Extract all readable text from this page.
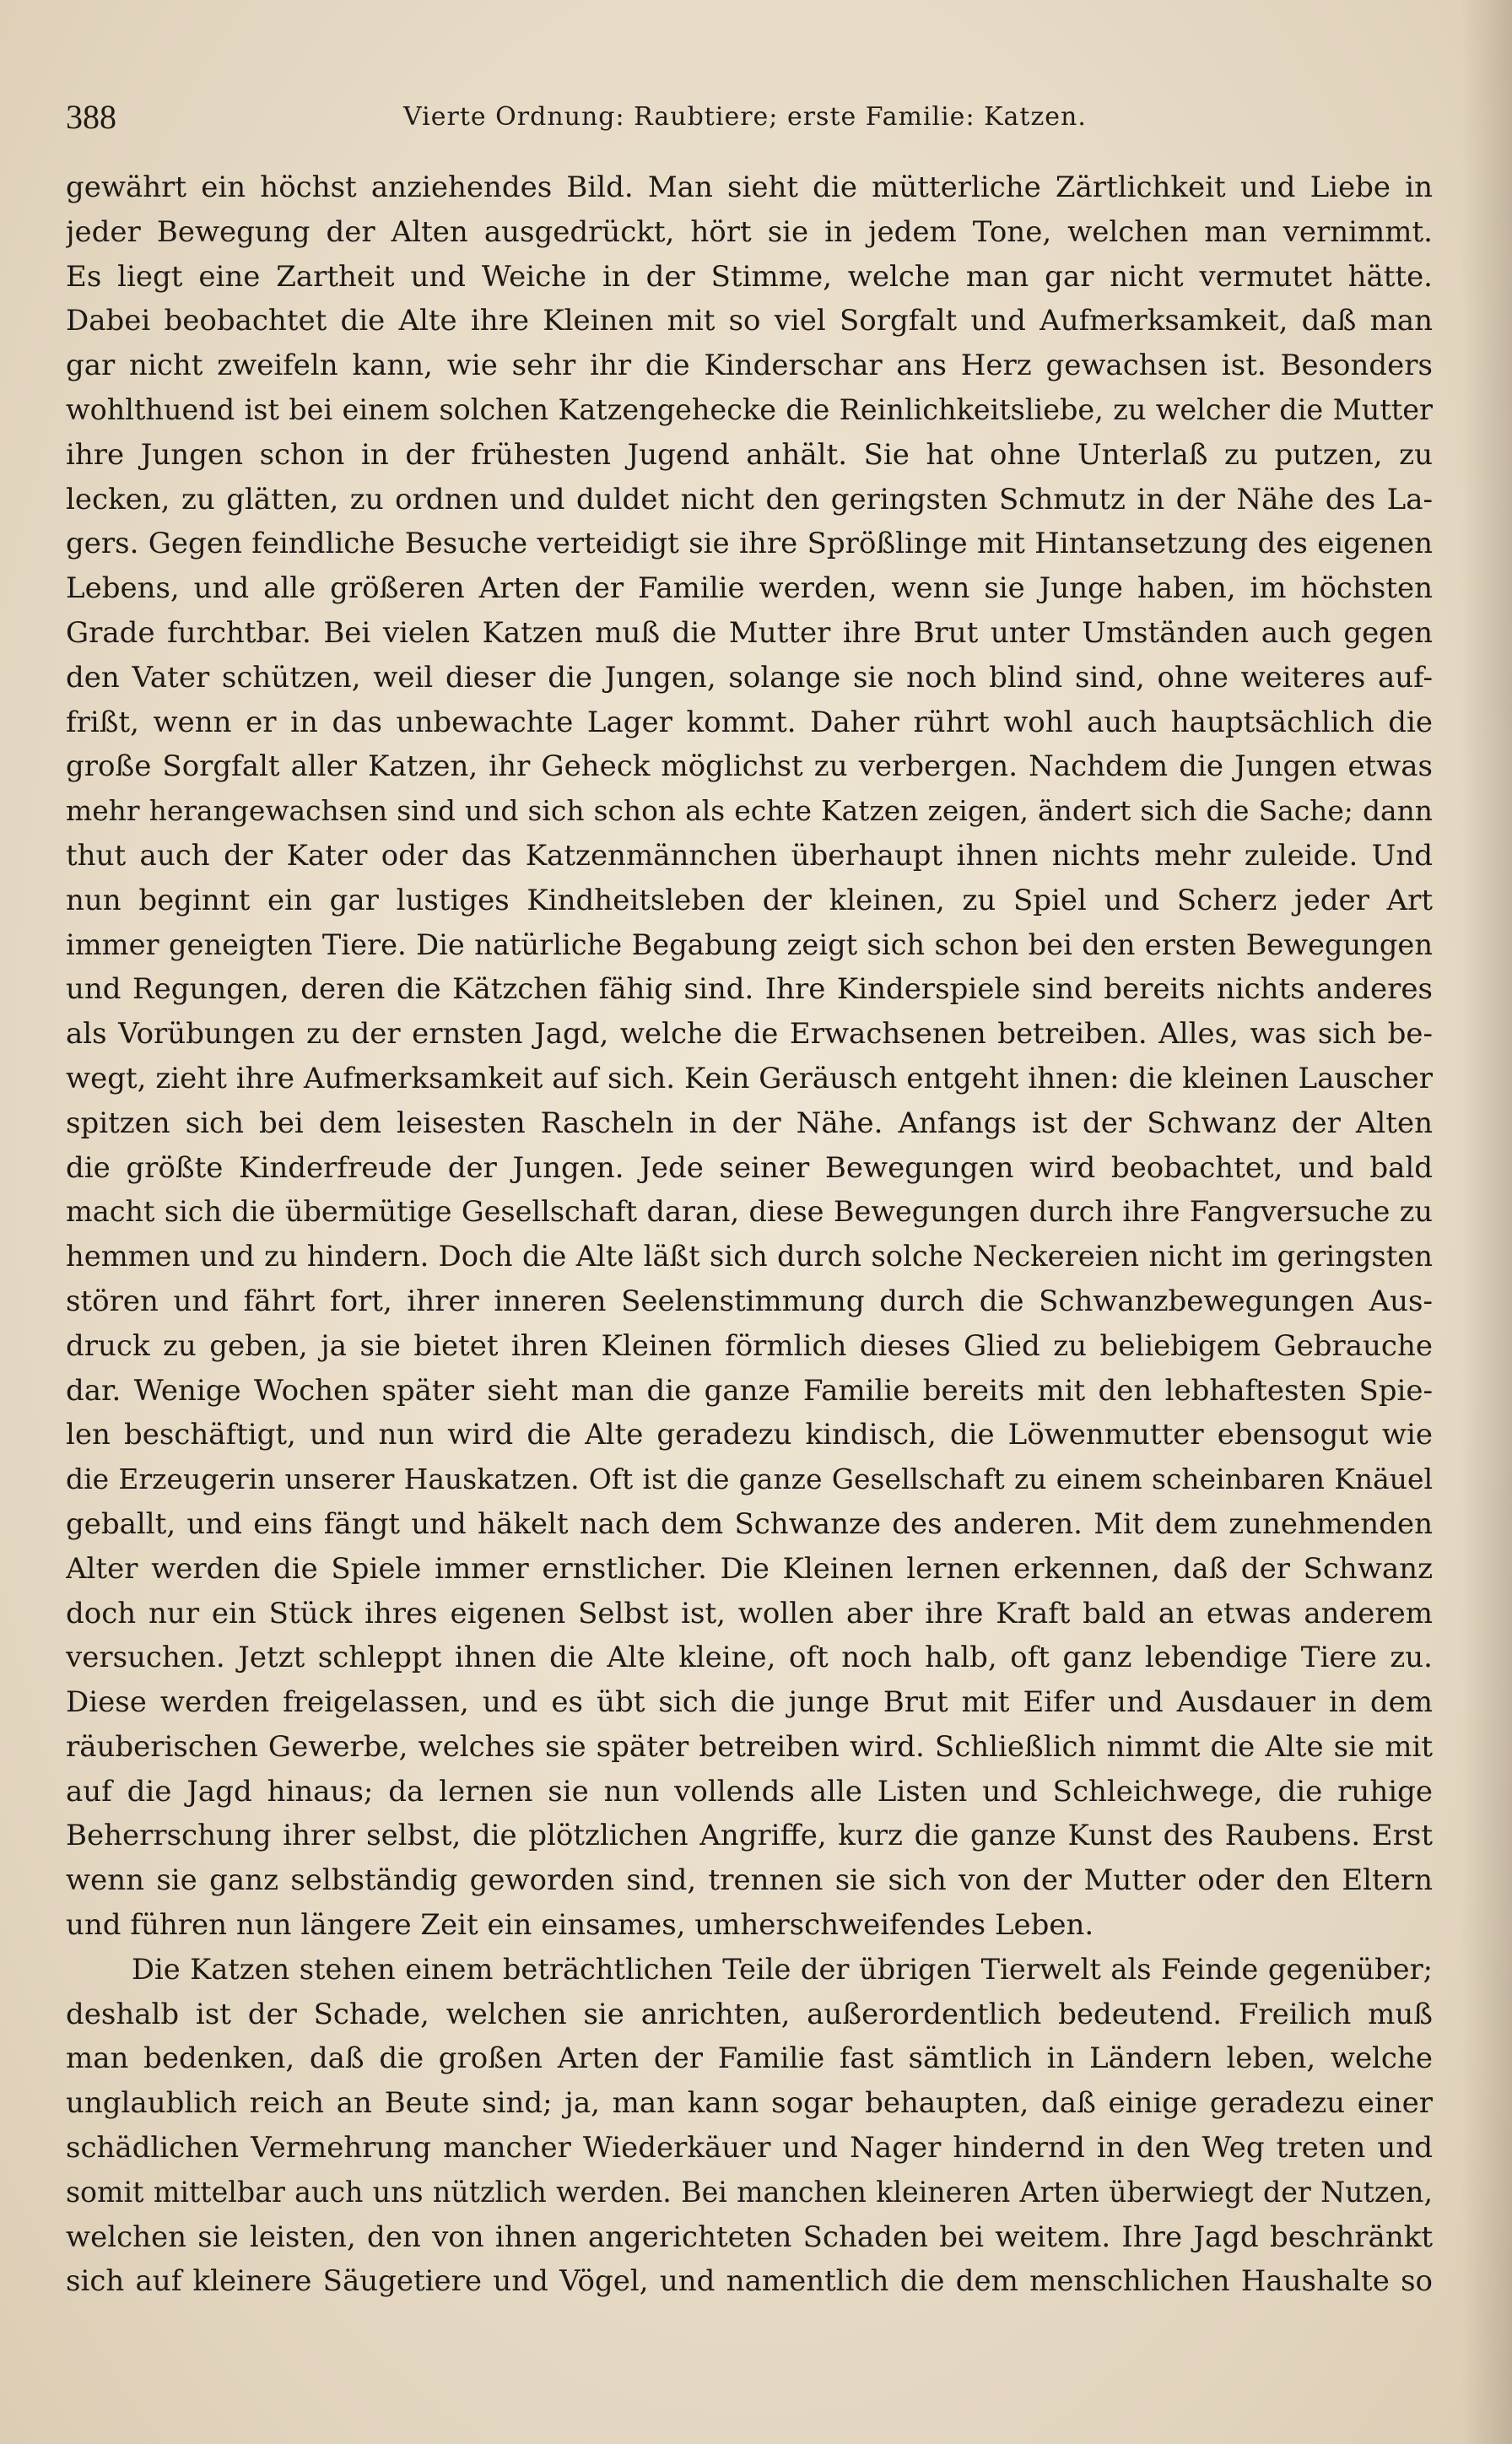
388	Vierte Ordnung: Raubtiere; erste Familie: Katzen.
gewährt ein höchst anziehendes Bild. Man sieht die mütterliche Zärtlichkeit und Liebe in
jeder Bewegung der Alten ausgedrückt, hört sie in jedem Tone, welchen man vernimmt.
Es liegt eine Zartheit und Weiche in der Stimme, welche man gar nicht vermutet hätte.
Dabei beobachtet die Alte ihre Kleinen mit so viel Sorgfalt und Aufmerksamkeit, daß man
gar nicht zweifeln kann, wie sehr ihr die Kinderschar ans Herz gewachsen ist. Besonders
wohlthuend ist bei einem solchen Katzengehecke die Reinlichkeitsliebe, zu welcher die Mutter
ihre Jungen schon in der frühesten Jugend anhält. Sie hat ohne Unterlaß zu putzen, zu
lecken, zu glätten, zu ordnen und duldet nicht den geringsten Schmutz in der Nähe des La-
gers. Gegen feindliche Besuche verteidigt sie ihre Sprößlinge mit Hintansetzung des eigenen
Lebens, und alle größeren Arten der Familie werden, wenn sie Junge haben, im höchsten
Grade furchtbar. Bei vielen Katzen muß die Mutter ihre Brut unter Umständen auch gegen
den Vater schützen, weil dieser die Jungen, solange sie noch blind sind, ohne weiteres auf-
frißt, wenn er in das unbewachte Lager kommt. Daher rührt wohl auch hauptsächlich die
große Sorgfalt aller Katzen, ihr Geheck möglichst zu verbergen. Nachdem die Jungen etwas
mehr herangewachsen sind und sich schon als echte Katzen zeigen, ändert sich die Sache; dann
thut auch der Kater oder das Katzenmännchen überhaupt ihnen nichts mehr zuleide. Und
nun beginnt ein gar lustiges Kindheitsleben der kleinen, zu Spiel und Scherz jeder Art
immer geneigten Tiere. Die natürliche Begabung zeigt sich schon bei den ersten Bewegungen
und Regungen, deren die Kätzchen fähig sind. Ihre Kinderspiele sind bereits nichts anderes
als Vorübungen zu der ernsten Jagd, welche die Erwachsenen betreiben. Alles, was sich be-
wegt, zieht ihre Aufmerksamkeit auf sich. Kein Geräusch entgeht ihnen: die kleinen Lauscher
spitzen sich bei dem leisesten Rascheln in der Nähe. Anfangs ist der Schwanz der Alten
die größte Kinderfreude der Jungen. Jede seiner Bewegungen wird beobachtet, und bald
macht sich die übermütige Gesellschaft daran, diese Bewegungen durch ihre Fangversuche zu
hemmen und zu hindern. Doch die Alte läßt sich durch solche Neckereien nicht im geringsten
stören und fährt fort, ihrer inneren Seelenstimmung durch die Schwanzbewegungen Aus-
druck zu geben, ja sie bietet ihren Kleinen förmlich dieses Glied zu beliebigem Gebrauche
dar. Wenige Wochen später sieht man die ganze Familie bereits mit den lebhaftesten Spie-
len beschäftigt, und nun wird die Alte geradezu kindisch, die Löwenmutter ebensogut wie
die Erzeugerin unserer Hauskatzen. Oft ist die ganze Gesellschaft zu einem scheinbaren Knäuel
geballt, und eins fängt und häkelt nach dem Schwanze des anderen. Mit dem zunehmenden
Alter werden die Spiele immer ernstlicher. Die Kleinen lernen erkennen, daß der Schwanz
doch nur ein Stück ihres eigenen Selbst ist, wollen aber ihre Kraft bald an etwas anderem
versuchen. Jetzt schleppt ihnen die Alte kleine, oft noch halb, oft ganz lebendige Tiere zu.
Diese werden freigelassen, und es übt sich die junge Brut mit Eifer und Ausdauer in dem
räuberischen Gewerbe, welches sie später betreiben wird. Schließlich nimmt die Alte sie mit
auf die Jagd hinaus; da lernen sie nun vollends alle Listen und Schleichwege, die ruhige
Beherrschung ihrer selbst, die plötzlichen Angriffe, kurz die ganze Kunst des Raubens. Erst
wenn sie ganz selbständig geworden sind, trennen sie sich von der Mutter oder den Eltern
und führen nun längere Zeit ein einsames, umherschweifendes Leben.
Die Katzen stehen einem beträchtlichen Teile der übrigen Tierwelt als Feinde gegenüber;
deshalb ist der Schade, welchen sie anrichten, außerordentlich bedeutend. Freilich muß
man bedenken, daß die großen Arten der Familie fast sämtlich in Ländern leben, welche
unglaublich reich an Beute sind; ja, man kann sogar behaupten, daß einige geradezu einer
schädlichen Vermehrung mancher Wiederkäuer und Nager hindernd in den Weg treten und
somit mittelbar auch uns nützlich werden. Bei manchen kleineren Arten überwiegt der Nutzen,
welchen sie leisten, den von ihnen angerichteten Schaden bei weitem. Ihre Jagd beschränkt
sich auf kleinere Säugetiere und Vögel, und namentlich die dem menschlichen Haushalte so
